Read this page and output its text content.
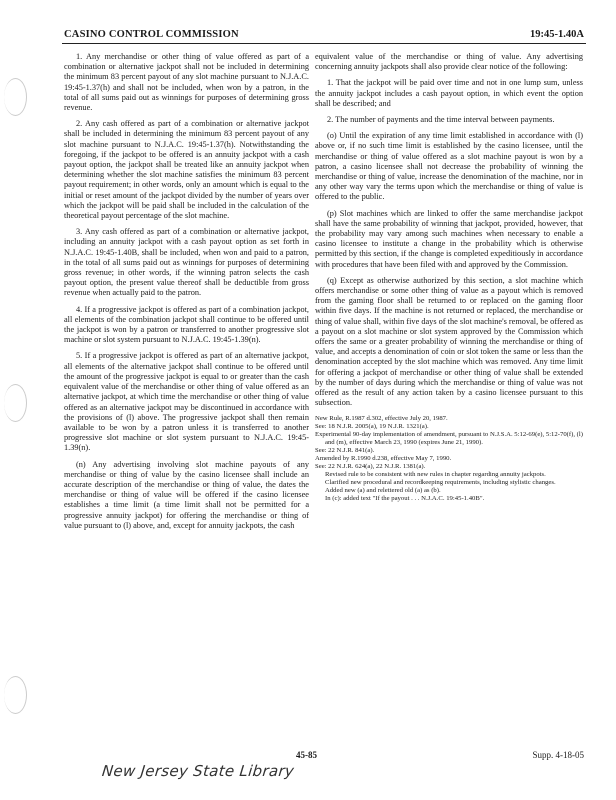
CASINO CONTROL COMMISSION	19:45-1.40A

1. Any merchandise or other thing of value offered as part of a combination or alternative jackpot shall not be included in determining the minimum 83 percent payout of any slot machine pursuant to N.J.A.C. 19:45-1.37(h) and shall not be included, when won by a patron, in the total of all sums paid out as winnings for purposes of determining gross revenue.

2. Any cash offered as part of a combination or alternative jackpot shall be included in determining the minimum 83 percent payout of any slot machine pursuant to N.J.A.C. 19:45-1.37(h). Notwithstanding the foregoing, if the jackpot to be offered is an annuity jackpot with a cash payout option, the jackpot shall be treated like an annuity jackpot when determining whether the slot machine satisfies the minimum 83 percent payout requirement; in other words, only an amount which is equal to the initial or reset amount of the jackpot divided by the number of years over which the jackpot will be paid shall be included in the calculation of the theoretical payout percentage of the slot machine.

3. Any cash offered as part of a combination or alternative jackpot, including an annuity jackpot with a cash payout option as set forth in N.J.A.C. 19:45-1.40B, shall be included, when won and paid to a patron, in the total of all sums paid out as winnings for purposes of determining gross revenue; in other words, if the winning patron selects the cash payout option, the present value thereof shall be deductible from gross revenue when actually paid to the patron.

4. If a progressive jackpot is offered as part of a combination jackpot, all elements of the combination jackpot shall continue to be offered until the jackpot is won by a patron or transferred to another progressive slot machine or slot system pursuant to N.J.A.C. 19:45-1.39(n).

5. If a progressive jackpot is offered as part of an alternative jackpot, all elements of the alternative jackpot shall continue to be offered until the amount of the progressive jackpot is equal to or greater than the cash equivalent value of the merchandise or other thing of value offered as an alternative jackpot, at which time the merchandise or other thing of value offered as an alternative jackpot may be discontinued in accordance with the provisions of (l) above. The progressive jackpot shall then remain available to be won by a patron unless it is transferred to another progressive slot machine or slot system pursuant to N.J.A.C. 19:45-1.39(n).

(n) Any advertising involving slot machine payouts of any merchandise or thing of value by the casino licensee shall include an accurate description of the merchandise or thing of value, the dates the merchandise or thing of value will be offered if the casino licensee establishes a time limit (a time limit shall not be permitted for a progressive annuity jackpot) for offering the merchandise or thing of value pursuant to (l) above, and, except for annuity jackpots, the cash

equivalent value of the merchandise or thing of value. Any advertising concerning annuity jackpots shall also provide clear notice of the following:

1. That the jackpot will be paid over time and not in one lump sum, unless the annuity jackpot includes a cash payout option, in which event the option shall be described; and

2. The number of payments and the time interval between payments.

(o) Until the expiration of any time limit established in accordance with (l) above or, if no such time limit is established by the casino licensee, until the merchandise or thing of value offered as a slot machine payout is won by a patron, a casino licensee shall not decrease the probability of winning the merchandise or thing of value, increase the denomination of the machine, nor in any other way vary the terms upon which the merchandise or thing of value is offered to the public.

(p) Slot machines which are linked to offer the same merchandise jackpot shall have the same probability of winning that jackpot, provided, however, that the probability may vary among such machines when necessary to enable a casino licensee to institute a change in the probability which is otherwise permitted by this section, if the change is completed expeditiously in accordance with procedures that have been filed with and approved by the Commission.

(q) Except as otherwise authorized by this section, a slot machine which offers merchandise or some other thing of value as a payout which is removed from the gaming floor shall be returned to or replaced on the gaming floor within five days. If the machine is not returned or replaced, the merchandise or thing of value shall, within five days of the slot machine's removal, be offered as a payout on a slot machine or slot system approved by the Commission which offers the same or a greater probability of winning the merchandise or thing of value, and accepts a denomination of coin or slot token the same or less than the denomination accepted by the slot machine which was removed. Any time limit for offering a jackpot of merchandise or other thing of value shall be extended by the number of days during which the merchandise or thing of value was not offered as the result of any action taken by a casino licensee pursuant to this subsection.

New Rule, R.1987 d.302, effective July 20, 1987.
See: 18 N.J.R. 2005(a), 19 N.J.R. 1321(a).
Experimental 90-day implementation of amendment, pursuant to N.J.S.A. 5:12-69(e), 5:12-70(f), (l) and (m), effective March 23, 1990 (expires June 21, 1990).
See: 22 N.J.R. 841(a).
Amended by R.1990 d.238, effective May 7, 1990.
See: 22 N.J.R. 624(a), 22 N.J.R. 1381(a).
Revised rule to be consistent with new rules in chapter regarding annuity jackpots.
Clarified new procedural and recordkeeping requirements, including stylistic changes.
Added new (a) and relettered old (a) as (b).
In (c): added text "If the payout . . . N.J.A.C. 19:45-1.40B".
45-85	Supp. 4-18-05
New Jersey State Library
